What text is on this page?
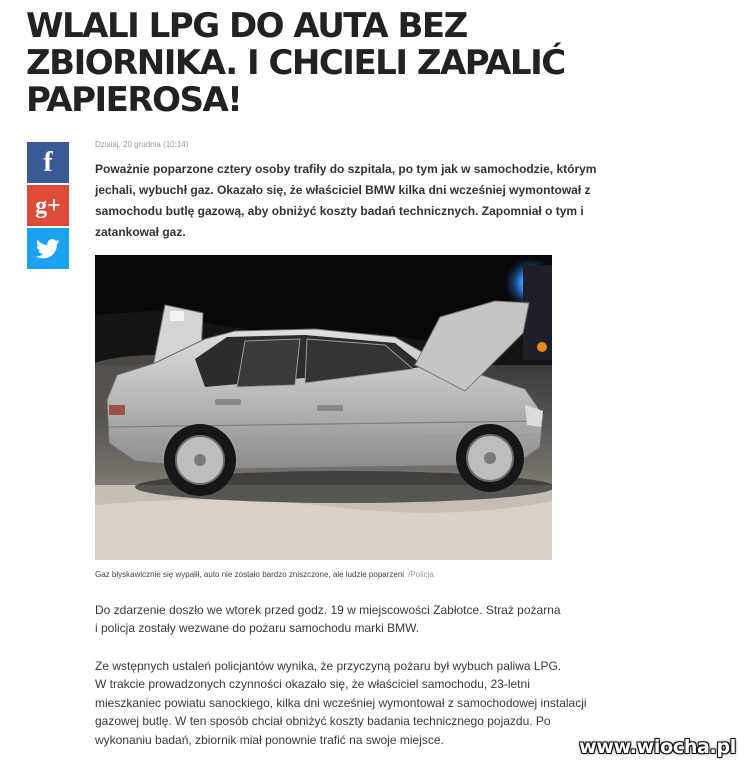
WLALI LPG DO AUTA BEZ
ZBIORNIKA. I CHCIELI ZAPALIĆ
PAPIEROSA!
f
g+
Dzisiaj, 20 grudnia (10:14)

Poważnie poparzone cztery osoby trafiły do szpitala, po tym jak w samochodzie, którym
jechali, wybuchł gaz. Okazało się, że właściciel BMW kilka dni wcześniej wymontował z
samochodu butlę gazową, aby obniżyć koszty badań technicznych. Zapomniał o tym i
zatankował gaz.

Gaz błyskawicznie się wypalił, auto nie zostało bardzo zniszczone, ale ludzie poparzeni /Policja

Do zdarzenie doszło we wtorek przed godz. 19 w miejscowości Zabłotce. Straż pożarna
i policja zostały wezwane do pożaru samochodu marki BMW.

Ze wstępnych ustaleń policjantów wynika, że przyczyną pożaru był wybuch paliwa LPG.
W trakcie prowadzonych czynności okazało się, że właściciel samochodu, 23-letni
mieszkaniec powiatu sanockiego, kilka dni wcześniej wymontował z samochodowej instalacji
gazowej butlę. W ten sposób chciał obniżyć koszty badania technicznego pojazdu. Po
wykonaniu badań, zbiornik miał ponownie trafić na swoje miejsce.	www.wiocha.pl
